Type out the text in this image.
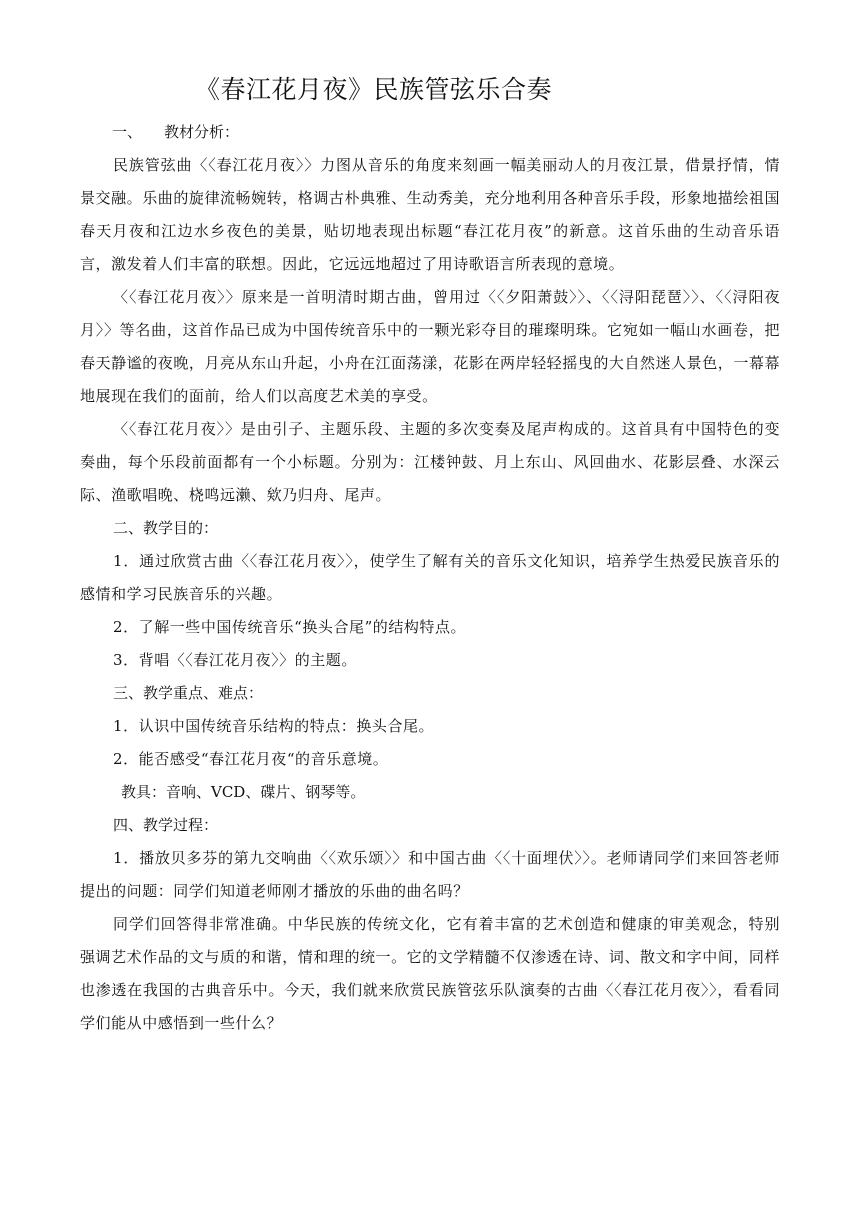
《春江花月夜》民族管弦乐合奏

一、 教材分析：

民族管弦曲〈〈春江花月夜〉〉力图从音乐的角度来刻画一幅美丽动人的月夜江景，借景抒情，情景交融。乐曲的旋律流畅婉转，格调古朴典雅、生动秀美，充分地利用各种音乐手段，形象地描绘祖国春天月夜和江边水乡夜色的美景，贴切地表现出标题“春江花月夜”的新意。这首乐曲的生动音乐语言，激发着人们丰富的联想。因此，它远远地超过了用诗歌语言所表现的意境。

〈〈春江花月夜〉〉原来是一首明清时期古曲，曾用过〈〈夕阳萧鼓〉〉、〈〈浔阳琵琶〉〉、〈〈浔阳夜月〉〉等名曲，这首作品已成为中国传统音乐中的一颗光彩夺目的璀璨明珠。它宛如一幅山水画卷，把春天静谧的夜晚，月亮从东山升起，小舟在江面荡漾，花影在两岸轻轻摇曳的大自然迷人景色，一幕幕地展现在我们的面前，给人们以高度艺术美的享受。

〈〈春江花月夜〉〉是由引子、主题乐段、主题的多次变奏及尾声构成的。这首具有中国特色的变奏曲，每个乐段前面都有一个小标题。分别为：江楼钟鼓、月上东山、风回曲水、花影层叠、水深云际、渔歌唱晚、桡鸣远濑、欸乃归舟、尾声。

二、教学目的：

1．通过欣赏古曲〈〈春江花月夜〉〉，使学生了解有关的音乐文化知识，培养学生热爱民族音乐的感情和学习民族音乐的兴趣。

2．了解一些中国传统音乐“换头合尾”的结构特点。

3．背唱〈〈春江花月夜〉〉的主题。

三、教学重点、难点：

1．认识中国传统音乐结构的特点：换头合尾。

2．能否感受“春江花月夜“的音乐意境。

教具：音响、VCD、碟片、钢琴等。

四、教学过程：

1．播放贝多芬的第九交响曲〈〈欢乐颂〉〉和中国古曲〈〈十面埋伏〉〉。老师请同学们来回答老师提出的问题：同学们知道老师刚才播放的乐曲的曲名吗？

同学们回答得非常准确。中华民族的传统文化，它有着丰富的艺术创造和健康的审美观念，特别强调艺术作品的文与质的和谐，情和理的统一。它的文学精髓不仅渗透在诗、词、散文和字中间，同样也渗透在我国的古典音乐中。今天，我们就来欣赏民族管弦乐队演奏的古曲〈〈春江花月夜〉〉，看看同学们能从中感悟到一些什么？
